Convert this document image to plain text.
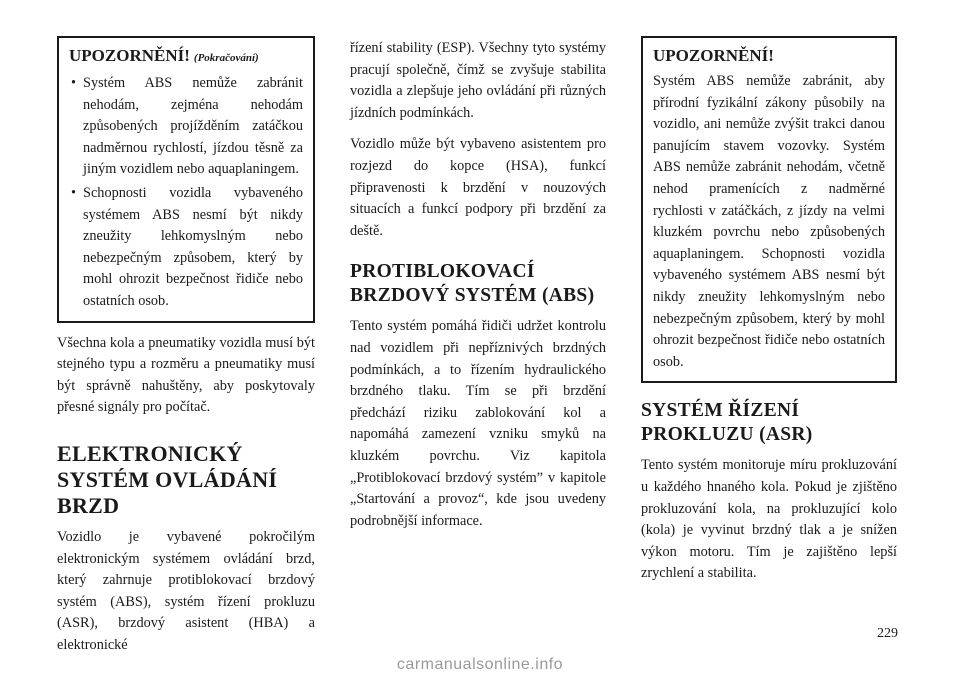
UPOZORNĚNÍ! (Pokračování)
• Systém ABS nemůže zabránit nehodám, zejména nehodám způsobených projížděním zatáčkou nadměrnou rychlostí, jízdou těsně za jiným vozidlem nebo aquaplaningem.
• Schopnosti vozidla vybaveného systémem ABS nesmí být nikdy zneužity lehkomyslným nebo nebezpečným způsobem, který by mohl ohrozit bezpečnost řidiče nebo ostatních osob.

Všechna kola a pneumatiky vozidla musí být stejného typu a rozměru a pneumatiky musí být správně nahuštěny, aby poskytovaly přesné signály pro počítač.

ELEKTRONICKÝ SYSTÉM OVLÁDÁNÍ BRZD

Vozidlo je vybavené pokročilým elektronickým systémem ovládání brzd, který zahrnuje protiblokovací brzdový systém (ABS), systém řízení prokluzu (ASR), brzdový asistent (HBA) a elektronické

řízení stability (ESP). Všechny tyto systémy pracují společně, čímž se zvyšuje stabilita vozidla a zlepšuje jeho ovládání při různých jízdních podmínkách.

Vozidlo může být vybaveno asistentem pro rozjezd do kopce (HSA), funkcí připravenosti k brzdění v nouzových situacích a funkcí podpory při brzdění za deště.

PROTIBLOKOVACÍ BRZDOVÝ SYSTÉM (ABS)

Tento systém pomáhá řidiči udržet kontrolu nad vozidlem při nepříznivých brzdných podmínkách, a to řízením hydraulického brzdného tlaku. Tím se při brzdění předchází riziku zablokování kol a napomáhá zamezení vzniku smyků na kluzkém povrchu. Viz kapitola „Protiblokovací brzdový systém” v kapitole „Startování a provoz“, kde jsou uvedeny podrobnější informace.

UPOZORNĚNÍ!
Systém ABS nemůže zabránit, aby přírodní fyzikální zákony působily na vozidlo, ani nemůže zvýšit trakci danou panujícím stavem vozovky. Systém ABS nemůže zabránit nehodám, včetně nehod pramenících z nadměrné rychlosti v zatáčkách, z jízdy na velmi kluzkém povrchu nebo způsobených aquaplaningem. Schopnosti vozidla vybaveného systémem ABS nesmí být nikdy zneužity lehkomyslným nebo nebezpečným způsobem, který by mohl ohrozit bezpečnost řidiče nebo ostatních osob.
SYSTÉM ŘÍZENÍ PROKLUZU (ASR)

Tento systém monitoruje míru prokluzování u každého hnaného kola. Pokud je zjištěno prokluzování kola, na prokluzující kolo (kola) je vyvinut brzdný tlak a je snížen výkon motoru. Tím je zajištěno lepší zrychlení a stabilita.

229
carmanualsonline.info
